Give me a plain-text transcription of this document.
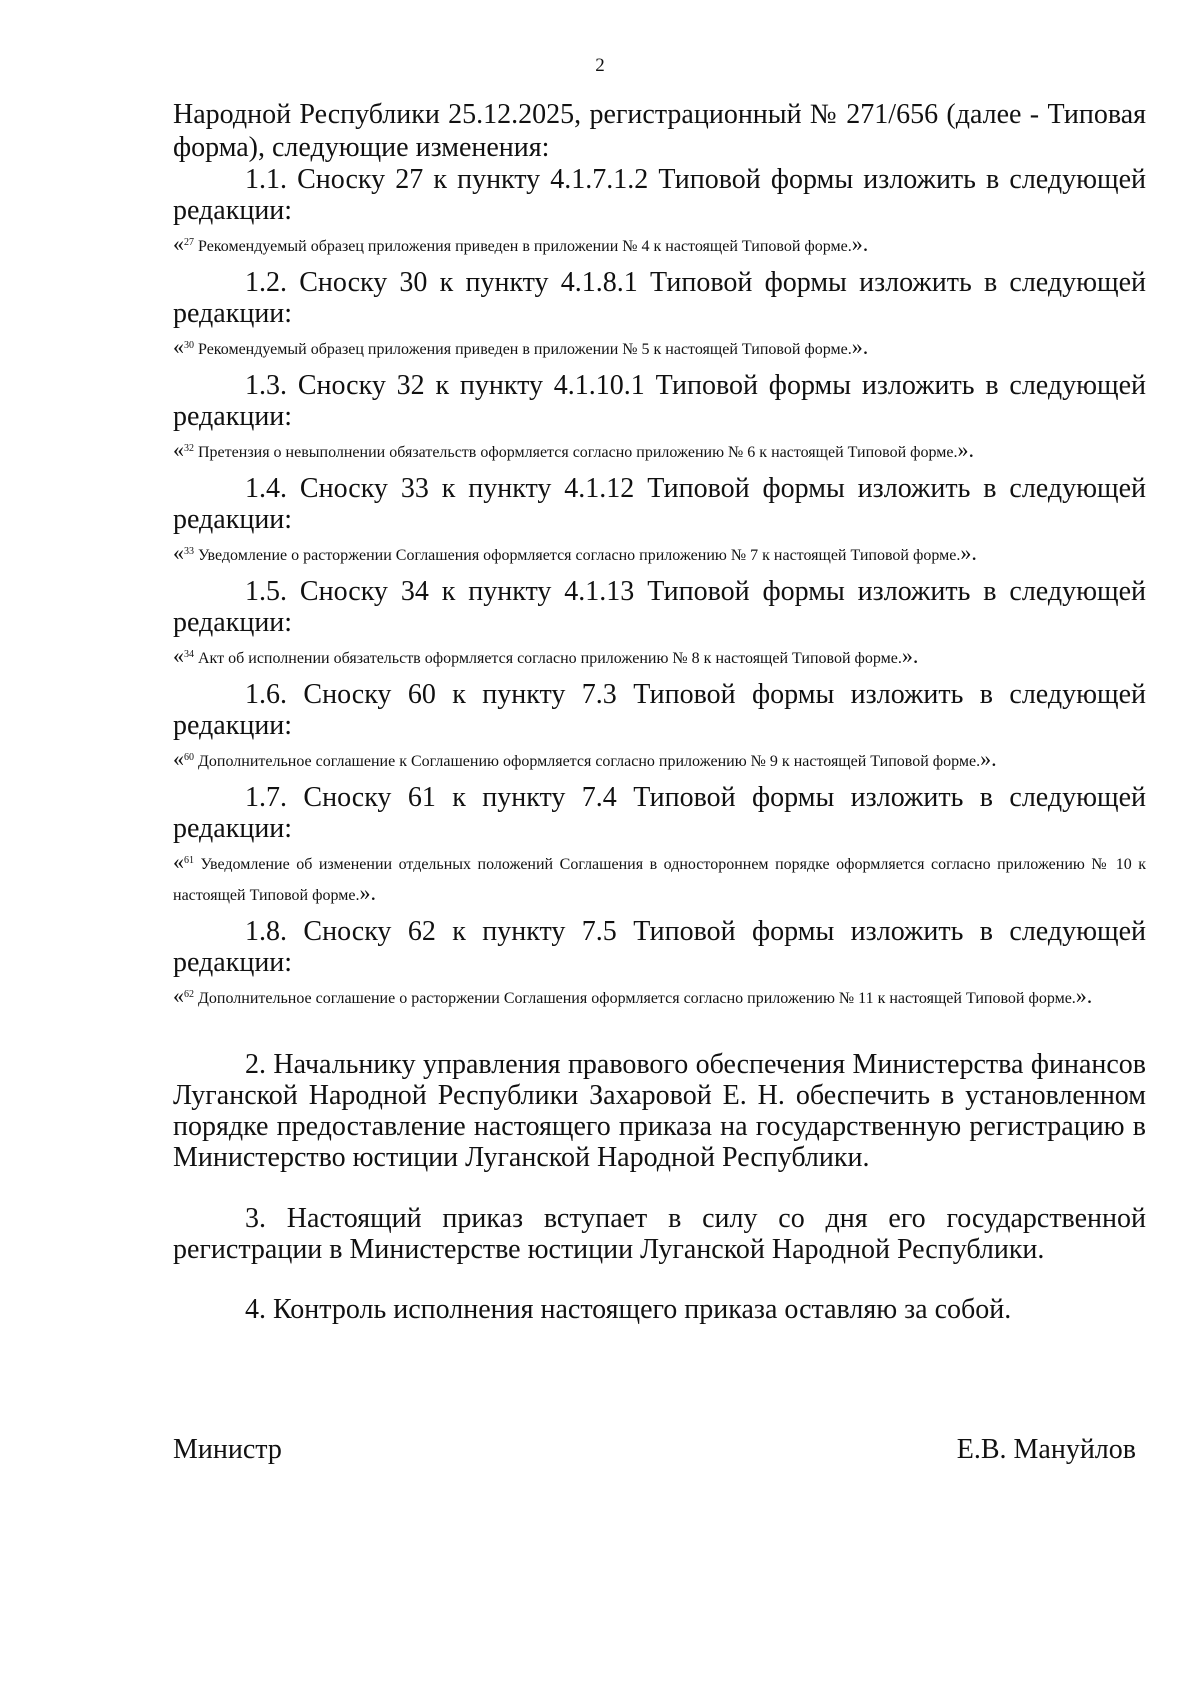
2

Народной Республики 25.12.2025, регистрационный № 271/656 (далее - Типовая

форма), следующие изменения:

1.1. Сноску 27 к пункту 4.1.7.1.2 Типовой формы изложить в следующей

редакции:

«$^{27}$ Рекомендуемый образец приложения приведен в приложении № 4 к настоящей Типовой форме.».

1.2. Сноску 30 к пункту 4.1.8.1 Типовой формы изложить в следующей

редакции:

«$^{30}$ Рекомендуемый образец приложения приведен в приложении № 5 к настоящей Типовой форме.».

1.3. Сноску 32 к пункту 4.1.10.1 Типовой формы изложить в следующей

редакции:

«$^{32}$ Претензия о невыполнении обязательств оформляется согласно приложению № 6 к настоящей Типовой форме.».

1.4. Сноску 33 к пункту 4.1.12 Типовой формы изложить в следующей

редакции:

«$^{33}$ Уведомление о расторжении Соглашения оформляется согласно приложению № 7 к настоящей Типовой форме.».

1.5. Сноску 34 к пункту 4.1.13 Типовой формы изложить в следующей

редакции:

«$^{34}$ Акт об исполнении обязательств оформляется согласно приложению № 8 к настоящей Типовой форме.».

1.6. Сноску 60 к пункту 7.3 Типовой формы изложить в следующей

редакции:

«$^{60}$ Дополнительное соглашение к Соглашению оформляется согласно приложению № 9 к настоящей Типовой форме.».

1.7. Сноску 61 к пункту 7.4 Типовой формы изложить в следующей

редакции:

«$^{61}$ Уведомление об изменении отдельных положений Соглашения в одностороннем порядке оформляется согласно приложению № 10 к настоящей Типовой форме.».

1.8. Сноску 62 к пункту 7.5 Типовой формы изложить в следующей

редакции:

«$^{62}$ Дополнительное соглашение о расторжении Соглашения оформляется согласно приложению № 11 к настоящей Типовой форме.».

2. Начальнику управления правового обеспечения Министерства финансов Луганской Народной Республики Захаровой Е. Н. обеспечить в установленном порядке предоставление настоящего приказа на государственную регистрацию в Министерство юстиции Луганской Народной Республики.

3. Настоящий приказ вступает в силу со дня его государственной регистрации в Министерстве юстиции Луганской Народной Республики.

4. Контроль исполнения настоящего приказа оставляю за собой.

Министр	Е.В. Мануйлов
